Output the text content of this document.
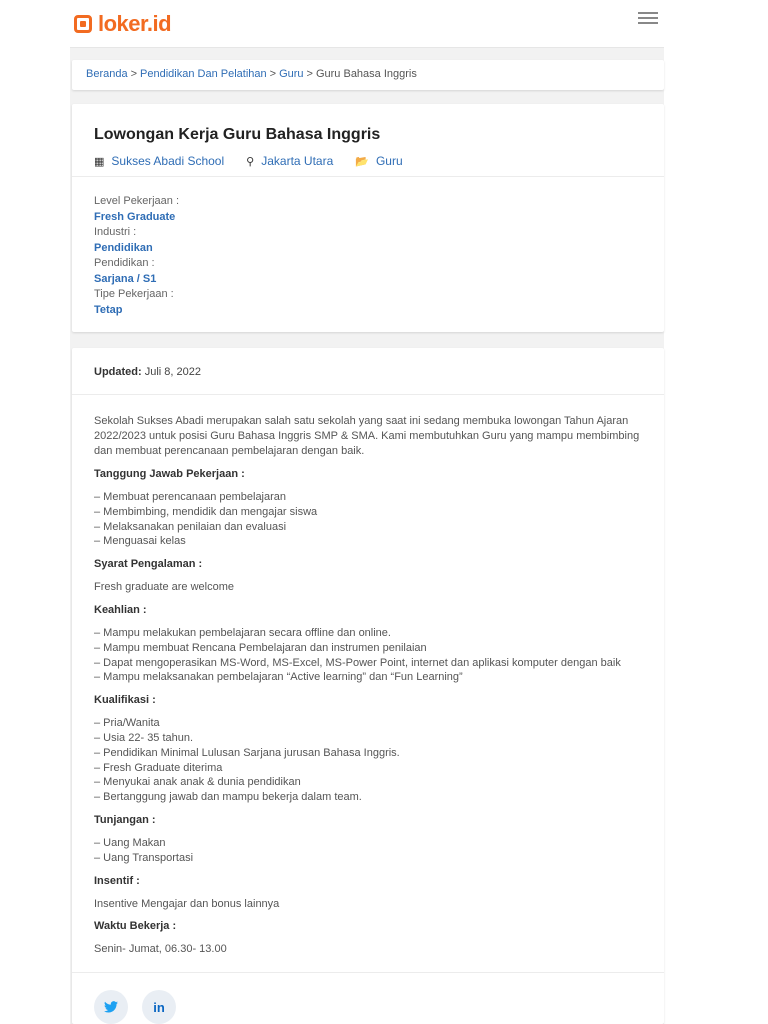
loker.id
Beranda > Pendidikan Dan Pelatihan > Guru > Guru Bahasa Inggris
Lowongan Kerja Guru Bahasa Inggris
▦ Sukses Abadi School ⚲ Jakarta Utara 📂 Guru
Level Pekerjaan :
Fresh Graduate
Industri :
Pendidikan
Pendidikan :
Sarjana / S1
Tipe Pekerjaan :
Tetap
Updated: Juli 8, 2022

Sekolah Sukses Abadi merupakan salah satu sekolah yang saat ini sedang membuka lowongan Tahun Ajaran 2022/2023 untuk posisi Guru Bahasa Inggris SMP & SMA. Kami membutuhkan Guru yang mampu membimbing dan membuat perencanaan pembelajaran dengan baik.

Tanggung Jawab Pekerjaan :
– Membuat perencanaan pembelajaran
– Membimbing, mendidik dan mengajar siswa
– Melaksanakan penilaian dan evaluasi
– Menguasai kelas
Syarat Pengalaman :
Fresh graduate are welcome
Keahlian :
– Mampu melakukan pembelajaran secara offline dan online.
– Mampu membuat Rencana Pembelajaran dan instrumen penilaian
– Dapat mengoperasikan MS-Word, MS-Excel, MS-Power Point, internet dan aplikasi komputer dengan baik
– Mampu melaksanakan pembelajaran “Active learning” dan “Fun Learning”
Kualifikasi :
– Pria/Wanita
– Usia 22- 35 tahun.
– Pendidikan Minimal Lulusan Sarjana jurusan Bahasa Inggris.
– Fresh Graduate diterima
– Menyukai anak anak & dunia pendidikan
– Bertanggung jawab dan mampu bekerja dalam team.
Tunjangan :
– Uang Makan
– Uang Transportasi
Insentif :
Insentive Mengajar dan bonus lainnya
Waktu Bekerja :
Senin- Jumat, 06.30- 13.00
in
